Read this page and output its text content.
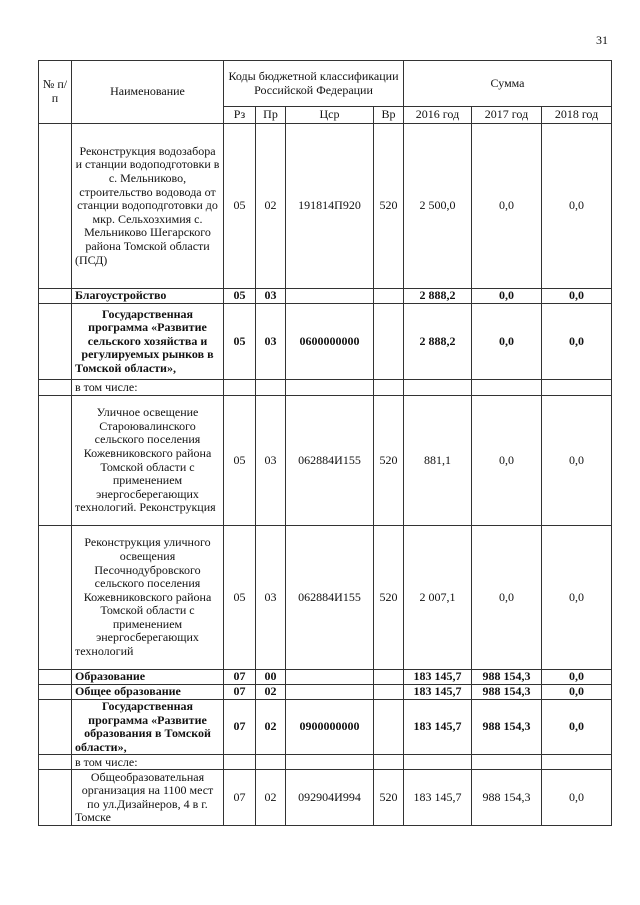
31
№ п/п	Наименование	Коды бюджетной классификации Российской Федерации				Сумма		
		Рз	Пр	Цср	Вр	2016 год	2017 год	2018 год
	Реконструкция водозабора и станции водоподготовки в с. Мельниково, строительство водовода от станции водоподготовки до мкр. Сельхозхимия с. Мельниково Шегарского района Томской области (ПСД)	05	02	191814П920	520	2 500,0	0,0	0,0
	Благоустройство	05	03			2 888,2	0,0	0,0
	Государственная программа «Развитие сельского хозяйства и регулируемых рынков в Томской области»,	05	03	0600000000		2 888,2	0,0	0,0
	в том числе:							
	Уличное освещение Староювалинского сельского поселения Кожевниковского района Томской области с применением энергосберегающих технологий. Реконструкция	05	03	062884И155	520	881,1	0,0	0,0
	Реконструкция уличного освещения Песочнодубровского сельского поселения Кожевниковского района Томской области с применением энергосберегающих технологий	05	03	062884И155	520	2 007,1	0,0	0,0
	Образование	07	00			183 145,7	988 154,3	0,0
	Общее образование	07	02			183 145,7	988 154,3	0,0
	Государственная программа «Развитие образования в Томской области»,	07	02	0900000000		183 145,7	988 154,3	0,0
	в том числе:							
	Общеобразовательная организация на 1100 мест по ул.Дизайнеров, 4 в г. Томске	07	02	092904И994	520	183 145,7	988 154,3	0,0
